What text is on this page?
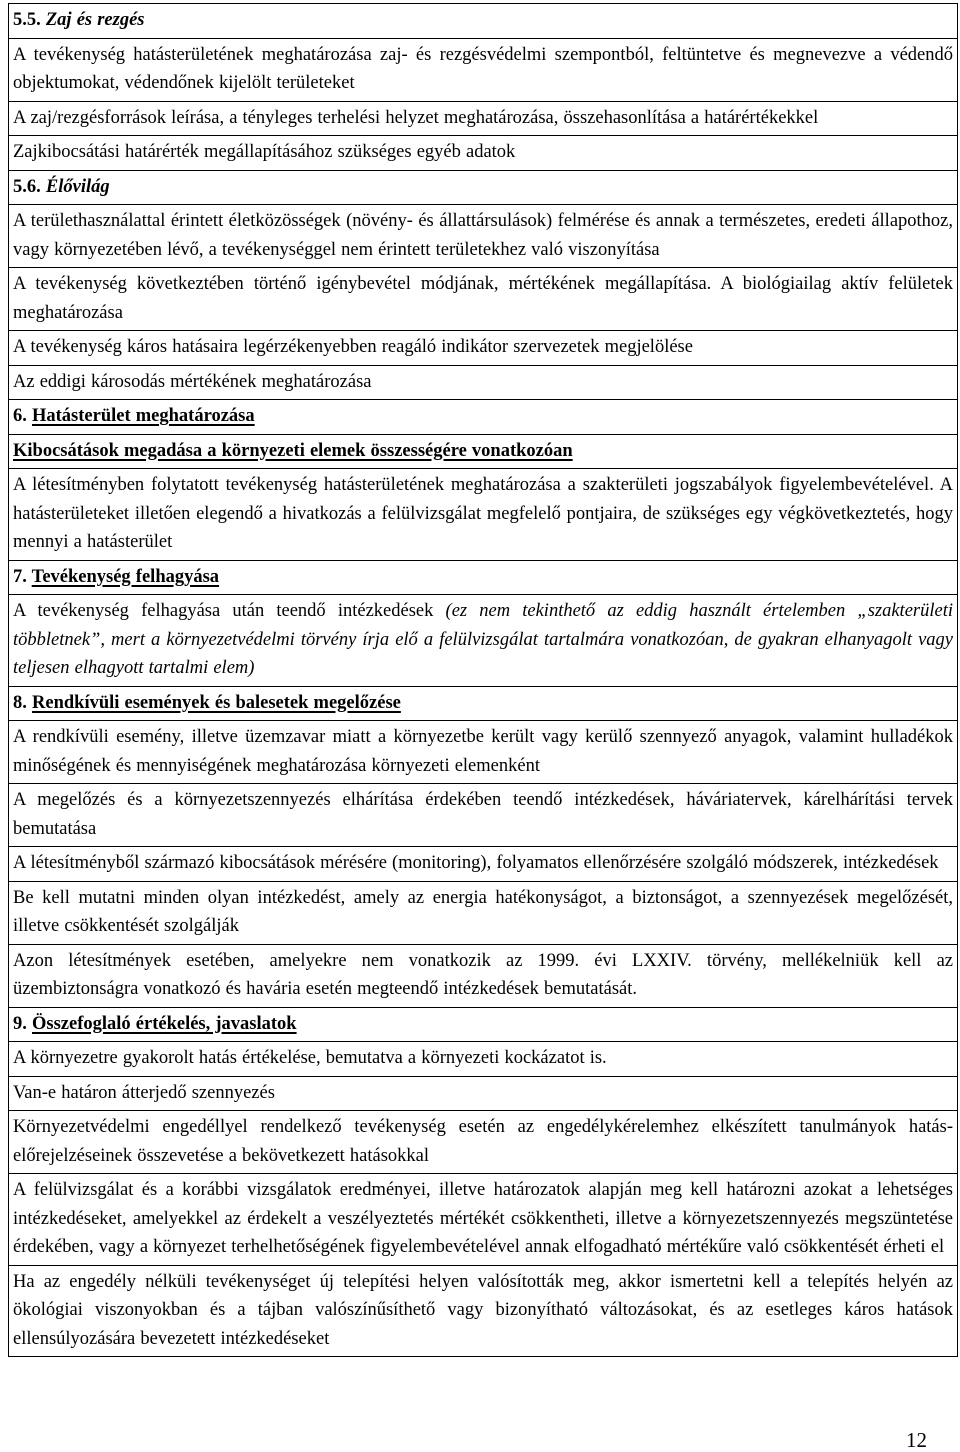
5.5. Zaj és rezgés
A tevékenység hatásterületének meghatározása zaj- és rezgésvédelmi szempontból, feltüntetve és megnevezve a védendő objektumokat, védendőnek kijelölt területeket
A zaj/rezgésforrások leírása, a tényleges terhelési helyzet meghatározása, összehasonlítása a határértékekkel
Zajkibocsátási határérték megállapításához szükséges egyéb adatok
5.6. Élővilág
A területhasználattal érintett életközösségek (növény- és állattársulások) felmérése és annak a természetes, eredeti állapothoz, vagy környezetében lévő, a tevékenységgel nem érintett területekhez való viszonyítása
A tevékenység következtében történő igénybevétel módjának, mértékének megállapítása. A biológiailag aktív felületek meghatározása
A tevékenység káros hatásaira legérzékenyebben reagáló indikátor szervezetek megjelölése
Az eddigi károsodás mértékének meghatározása
6. Hatásterület meghatározása
Kibocsátások megadása a környezeti elemek összességére vonatkozóan
A létesítményben folytatott tevékenység hatásterületének meghatározása a szakterületi jogszabályok figyelembevételével. A hatásterületeket illetően elegendő a hivatkozás a felülvizsgálat megfelelő pontjaira, de szükséges egy végkövetkeztetés, hogy mennyi a hatásterület
7. Tevékenység felhagyása
A tevékenység felhagyása után teendő intézkedések (ez nem tekinthető az eddig használt értelemben „szakterületi többletnek”, mert a környezetvédelmi törvény írja elő a felülvizsgálat tartalmára vonatkozóan, de gyakran elhanyagolt vagy teljesen elhagyott tartalmi elem)
8. Rendkívüli események és balesetek megelőzése
A rendkívüli esemény, illetve üzemzavar miatt a környezetbe került vagy kerülő szennyező anyagok, valamint hulladékok minőségének és mennyiségének meghatározása környezeti elemenként
A megelőzés és a környezetszennyezés elhárítása érdekében teendő intézkedések, háváriatervek, kárelhárítási tervek bemutatása
A létesítményből származó kibocsátások mérésére (monitoring), folyamatos ellenőrzésére szolgáló módszerek, intézkedések
Be kell mutatni minden olyan intézkedést, amely az energia hatékonyságot, a biztonságot, a szennyezések megelőzését, illetve csökkentését szolgálják
Azon létesítmények esetében, amelyekre nem vonatkozik az 1999. évi LXXIV. törvény, mellékelniük kell az üzembiztonságra vonatkozó és havária esetén megteendő intézkedések bemutatását.
9. Összefoglaló értékelés, javaslatok
A környezetre gyakorolt hatás értékelése, bemutatva a környezeti kockázatot is.
Van-e határon átterjedő szennyezés
Környezetvédelmi engedéllyel rendelkező tevékenység esetén az engedélykérelemhez elkészített tanulmányok hatás-előrejelzéseinek összevetése a bekövetkezett hatásokkal
A felülvizsgálat és a korábbi vizsgálatok eredményei, illetve határozatok alapján meg kell határozni azokat a lehetséges intézkedéseket, amelyekkel az érdekelt a veszélyeztetés mértékét csökkentheti, illetve a környezetszennyezés megszüntetése érdekében, vagy a környezet terhelhetőségének figyelembevételével annak elfogadható mértékűre való csökkentését érheti el
Ha az engedély nélküli tevékenységet új telepítési helyen valósították meg, akkor ismertetni kell a telepítés helyén az ökológiai viszonyokban és a tájban valószínűsíthető vagy bizonyítható változásokat, és az esetleges káros hatások ellensúlyozására bevezetett intézkedéseket
12
